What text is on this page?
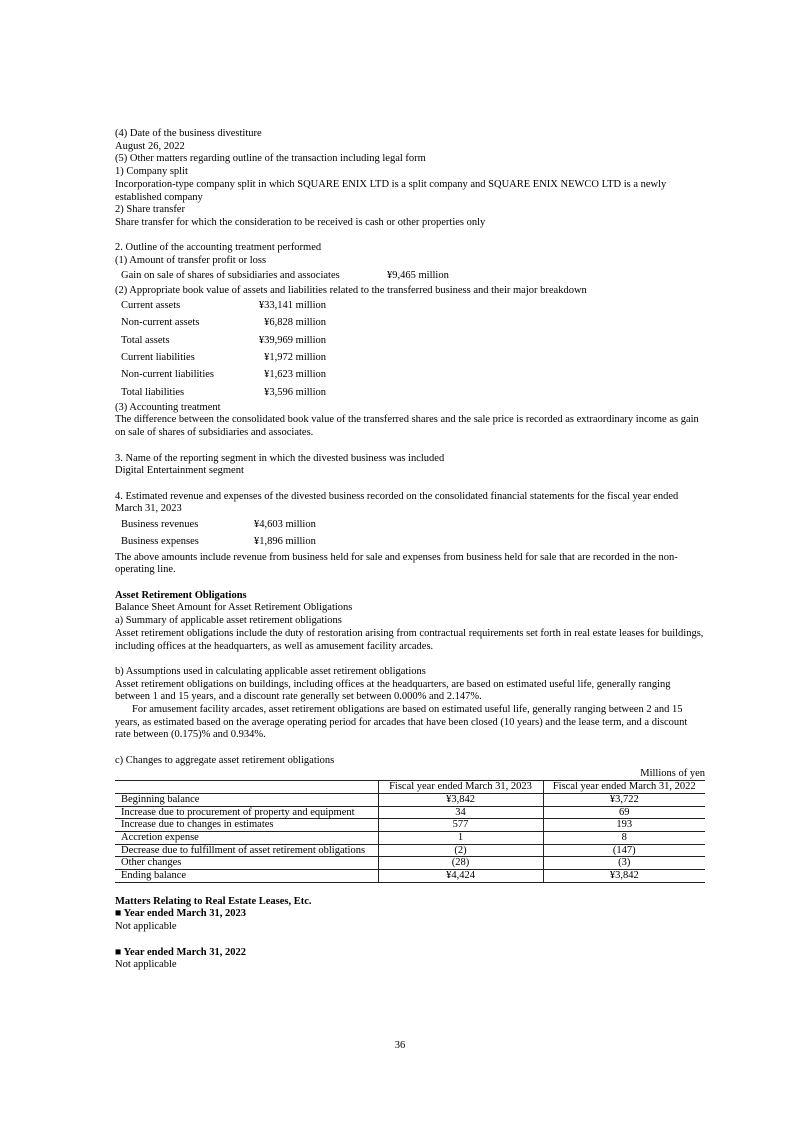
(4) Date of the business divestiture
August 26, 2022
(5) Other matters regarding outline of the transaction including legal form
1) Company split
Incorporation-type company split in which SQUARE ENIX LTD is a split company and SQUARE ENIX NEWCO LTD is a newly established company
2) Share transfer
Share transfer for which the consideration to be received is cash or other properties only
2. Outline of the accounting treatment performed
(1) Amount of transfer profit or loss
Gain on sale of shares of subsidiaries and associates	¥9,465 million
(2) Appropriate book value of assets and liabilities related to the transferred business and their major breakdown
Current assets	¥33,141 million
Non-current assets	¥6,828 million
Total assets	¥39,969 million
Current liabilities	¥1,972 million
Non-current liabilities	¥1,623 million
Total liabilities	¥3,596 million
(3) Accounting treatment
The difference between the consolidated book value of the transferred shares and the sale price is recorded as extraordinary income as gain on sale of shares of subsidiaries and associates.
3. Name of the reporting segment in which the divested business was included
Digital Entertainment segment
4. Estimated revenue and expenses of the divested business recorded on the consolidated financial statements for the fiscal year ended March 31, 2023
Business revenues	¥4,603 million
Business expenses	¥1,896 million
The above amounts include revenue from business held for sale and expenses from business held for sale that are recorded in the non-operating line.
Asset Retirement Obligations
Balance Sheet Amount for Asset Retirement Obligations
a) Summary of applicable asset retirement obligations
Asset retirement obligations include the duty of restoration arising from contractual requirements set forth in real estate leases for buildings, including offices at the headquarters, as well as amusement facility arcades.
b) Assumptions used in calculating applicable asset retirement obligations
Asset retirement obligations on buildings, including offices at the headquarters, are based on estimated useful life, generally ranging between 1 and 15 years, and a discount rate generally set between 0.000% and 2.147%.
For amusement facility arcades, asset retirement obligations are based on estimated useful life, generally ranging between 2 and 15 years, as estimated based on the average operating period for arcades that have been closed (10 years) and the lease term, and a discount rate between (0.175)% and 0.934%.
c) Changes to aggregate asset retirement obligations
Millions of yen
	Fiscal year ended March 31, 2023	Fiscal year ended March 31, 2022
Beginning balance	¥3,842	¥3,722
Increase due to procurement of property and equipment	34	69
Increase due to changes in estimates	577	193
Accretion expense	1	8
Decrease due to fulfillment of asset retirement obligations	(2)	(147)
Other changes	(28)	(3)
Ending balance	¥4,424	¥3,842
Matters Relating to Real Estate Leases, Etc.
■ Year ended March 31, 2023
Not applicable
■ Year ended March 31, 2022
Not applicable
36
